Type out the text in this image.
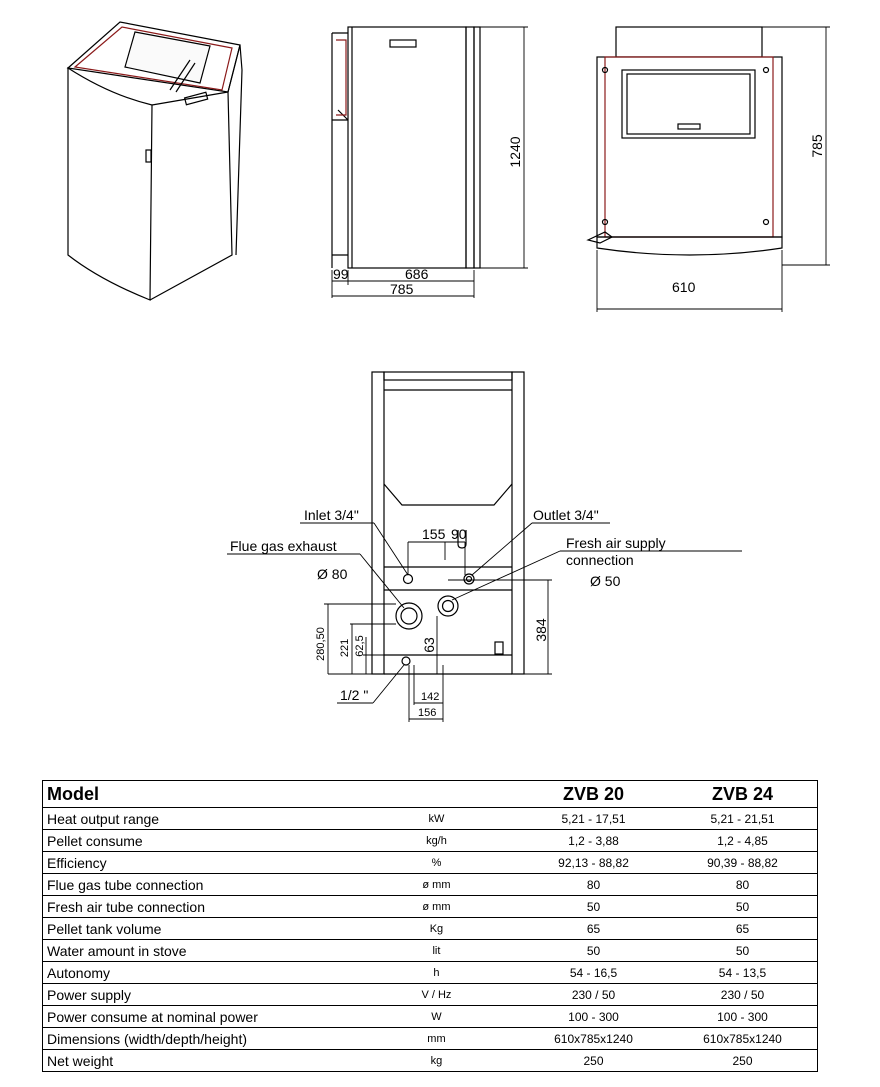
1240
99	686
785
785
610
Inlet 3/4"	Outlet 3/4"
Flue gas exhaust
Ø 80
Fresh air supply
connection
Ø 50
155 90
384
280,50 221 62,5	63
142
156
1/2 "
Model		ZVB 20	ZVB 24
Heat output range	kW	5,21 - 17,51	5,21 - 21,51
Pellet consume	kg/h	1,2 - 3,88	1,2 - 4,85
Efficiency	%	92,13 - 88,82	90,39 - 88,82
Flue gas tube connection	ø mm	80	80
Fresh air tube connection	ø mm	50	50
Pellet tank volume	Kg	65	65
Water amount in stove	lit	50	50
Autonomy	h	54 - 16,5	54 - 13,5
Power supply	V / Hz	230 / 50	230 / 50
Power consume at nominal power	W	100 - 300	100 - 300
Dimensions (width/depth/height)	mm	610x785x1240	610x785x1240
Net weight	kg	250	250
